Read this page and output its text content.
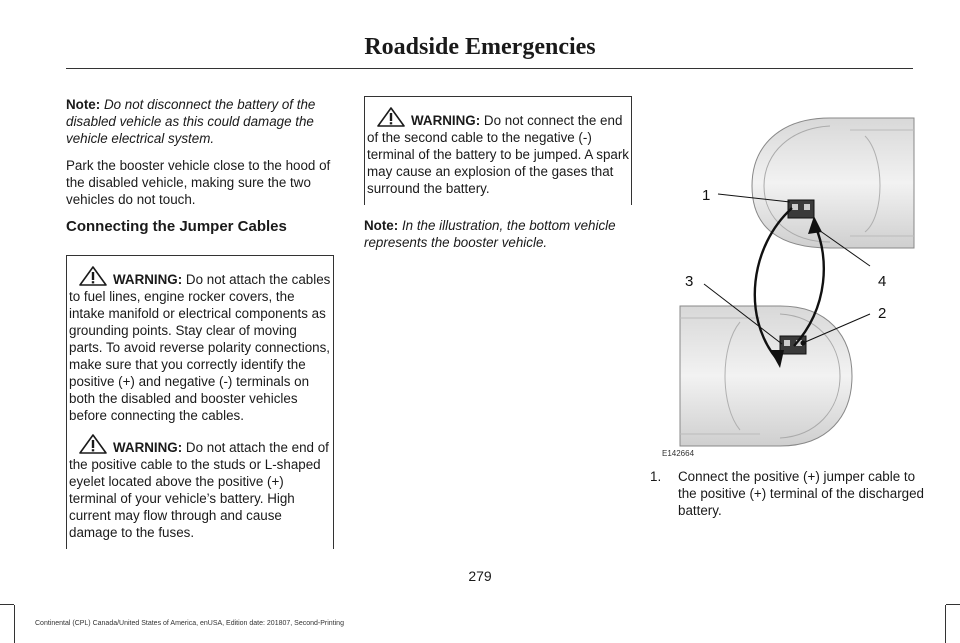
Roadside Emergencies

Note: Do not disconnect the battery of the disabled vehicle as this could damage the vehicle electrical system.

Park the booster vehicle close to the hood of the disabled vehicle, making sure the two vehicles do not touch.

Connecting the Jumper Cables

WARNING: Do not attach the cables to fuel lines, engine rocker covers, the intake manifold or electrical components as grounding points. Stay clear of moving parts. To avoid reverse polarity connections, make sure that you correctly identify the positive (+) and negative (-) terminals on both the disabled and booster vehicles before connecting the cables.
WARNING: Do not attach the end of the positive cable to the studs or L-shaped eyelet located above the positive (+) terminal of your vehicle’s battery. High current may flow through and cause damage to the fuses.
WARNING: Do not connect the end of the second cable to the negative (-) terminal of the battery to be jumped. A spark may cause an explosion of the gases that surround the battery.

Note: In the illustration, the bottom vehicle represents the booster vehicle.

1
2
3	4
E142664
1.	Connect the positive (+) jumper cable to the positive (+) terminal of the discharged battery.
279
Continental (CPL) Canada/United States of America, enUSA, Edition date: 201807, Second-Printing
